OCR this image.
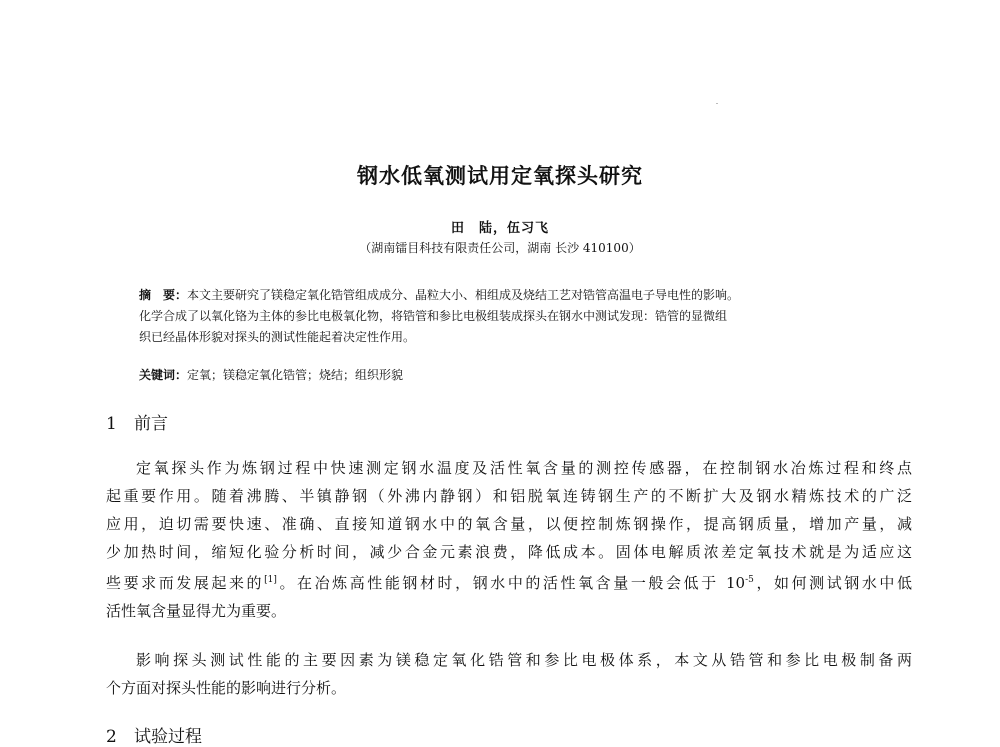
钢水低氧测试用定氧探头研究
田　陆，伍习飞
（湖南镭目科技有限责任公司，湖南 长沙 410100）

摘　要：本文主要研究了镁稳定氧化锆管组成成分、晶粒大小、相组成及烧结工艺对锆管高温电子导电性的影响。

化学合成了以氧化铬为主体的参比电极氧化物，将锆管和参比电极组装成探头在钢水中测试发现：锆管的显微组

织已经晶体形貌对探头的测试性能起着决定性作用。

关键词：定氧；镁稳定氧化锆管；烧结；组织形貌
1 前言
定氧探头作为炼钢过程中快速测定钢水温度及活性氧含量的测控传感器，在控制钢水冶炼过程和终点
起重要作用。随着沸腾、半镇静钢（外沸内静钢）和铝脱氧连铸钢生产的不断扩大及钢水精炼技术的广泛
应用，迫切需要快速、准确、直接知道钢水中的氧含量，以便控制炼钢操作，提高钢质量，增加产量，减
少加热时间，缩短化验分析时间，减少合金元素浪费，降低成本。固体电解质浓差定氧技术就是为适应这
些要求而发展起来的[1]。在冶炼高性能钢材时，钢水中的活性氧含量一般会低于 $10^{-5}$，如何测试钢水中低
活性氧含量显得尤为重要。
影响探头测试性能的主要因素为镁稳定氧化锆管和参比电极体系，本文从锆管和参比电极制备两
个方面对探头性能的影响进行分析。
2 试验过程
